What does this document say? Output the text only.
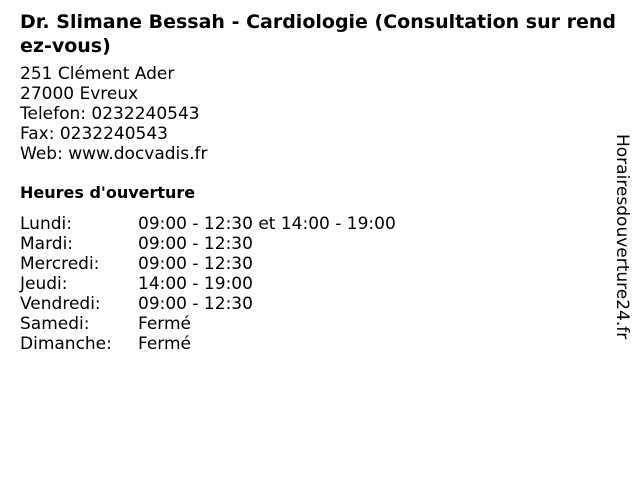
Dr. Slimane Bessah - Cardiologie (Consultation sur rendez-vous)
251 Clément Ader
27000 Evreux
Telefon: 0232240543
Fax: 0232240543
Web: www.docvadis.fr
Heures d'ouverture
Lundi:	09:00 - 12:30 et 14:00 - 19:00
Mardi:	09:00 - 12:30
Mercredi: 09:00 - 12:30
Jeudi:	14:00 - 19:00
Vendredi: 09:00 - 12:30
Samedi:	Fermé
Dimanche: Fermé
Horairesdouverture24.fr
